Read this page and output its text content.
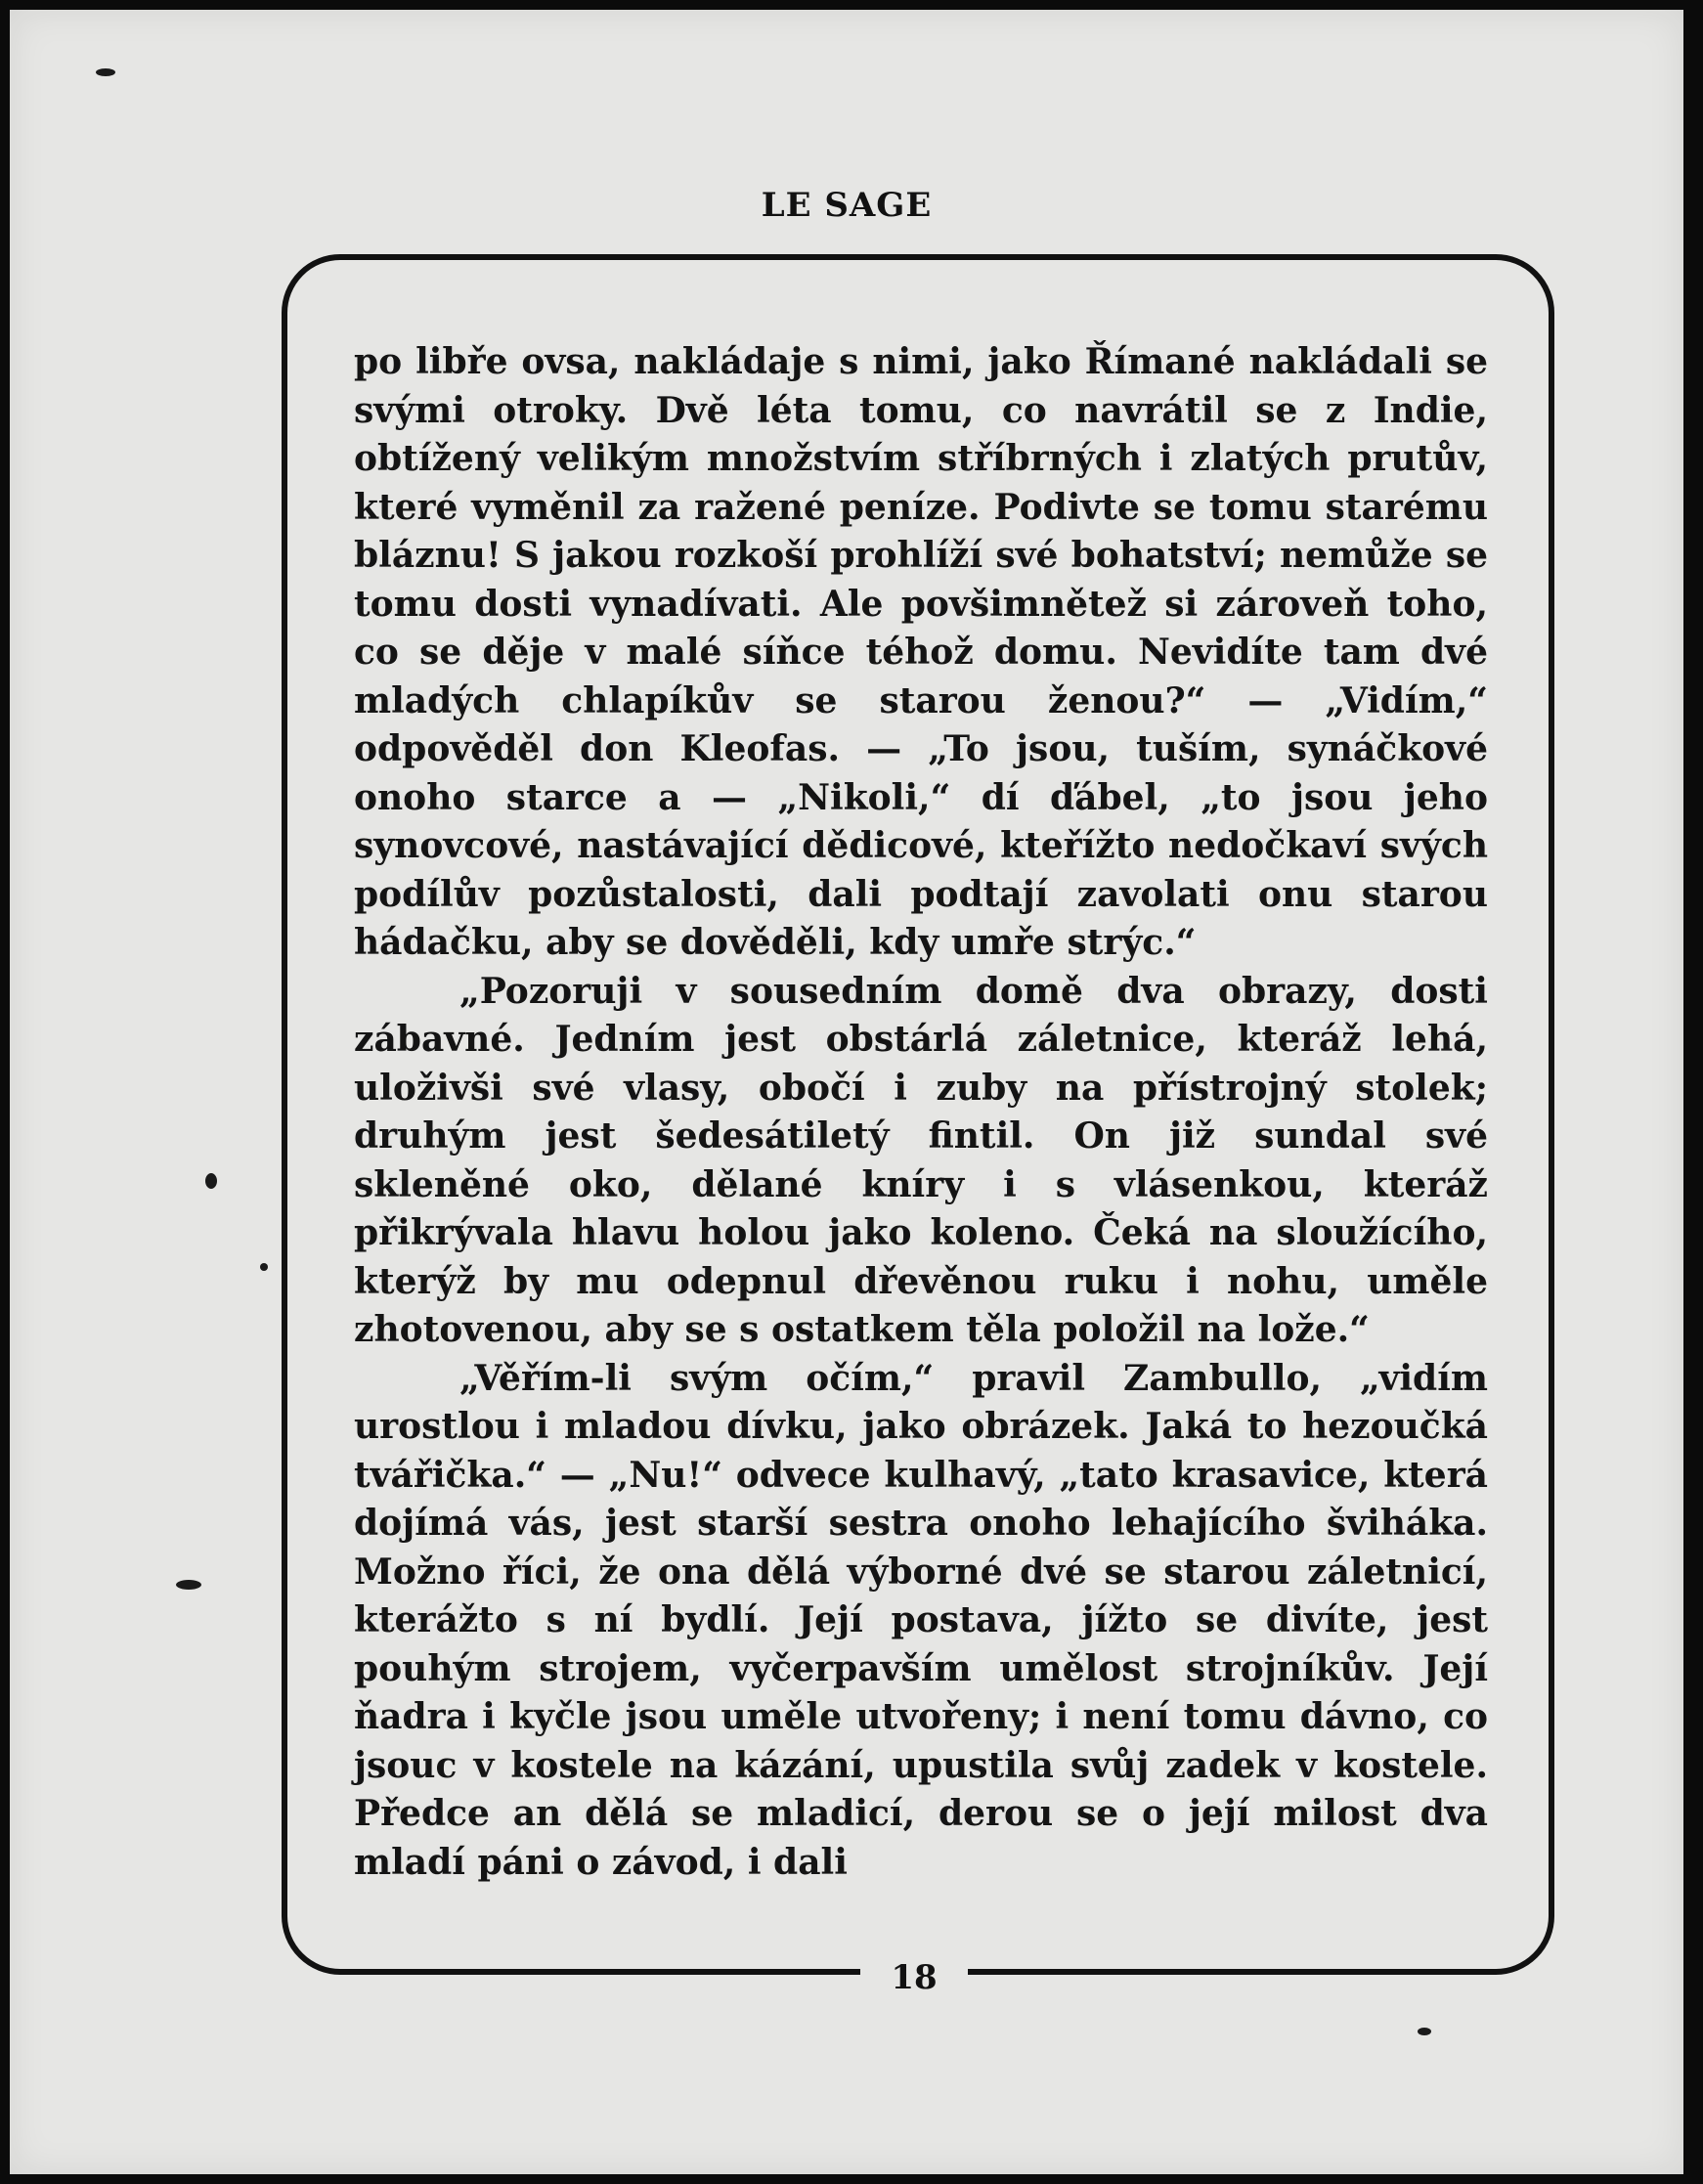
LE SAGE

po libře ovsa, nakládaje s nimi, jako Římané nakládali se svými otroky. Dvě léta tomu, co navrátil se z Indie, obtížený velikým množstvím stříbrných i zlatých prutův, které vyměnil za ražené peníze. Podivte se tomu starému bláznu! S jakou rozkoší prohlíží své bohatství; nemůže se tomu dosti vynadívati. Ale povšimnětež si zároveň toho, co se děje v malé síňce téhož domu. Nevidíte tam dvé mladých chlapíkův se starou ženou?“ — „Vidím,“ odpověděl don Kleofas. — „To jsou, tuším, synáčkové onoho starce a — „Nikoli,“ dí ďábel, „to jsou jeho synovcové, nastávající dědicové, kteřížto nedočkaví svých podílův pozůstalosti, dali podtají zavolati onu starou hádačku, aby se dověděli, kdy umře strýc.“

„Pozoruji v sousedním domě dva obrazy, dosti zábavné. Jedním jest obstárlá záletnice, kteráž lehá, uloživši své vlasy, obočí i zuby na přístrojný stolek; druhým jest šedesátiletý fintil. On již sundal své skleněné oko, dělané kníry i s vlásenkou, kteráž přikrývala hlavu holou jako koleno. Čeká na sloužícího, kterýž by mu odepnul dřevěnou ruku i nohu, uměle zhotovenou, aby se s ostatkem těla položil na lože.“

„Věřím-li svým očím,“ pravil Zambullo, „vidím urostlou i mladou dívku, jako obrázek. Jaká to hezoučká tvářička.“ — „Nu!“ odvece kulhavý, „tato krasavice, která dojímá vás, jest starší sestra onoho lehajícího šviháka. Možno říci, že ona dělá výborné dvé se starou záletnicí, kterážto s ní bydlí. Její postava, jížto se divíte, jest pouhým strojem, vyčerpavším umělost strojníkův. Její ňadra i kyčle jsou uměle utvořeny; i není tomu dávno, co jsouc v kostele na kázání, upustila svůj zadek v kostele. Předce an dělá se mladicí, derou se o její milost dva mladí páni o závod, i dali

18
